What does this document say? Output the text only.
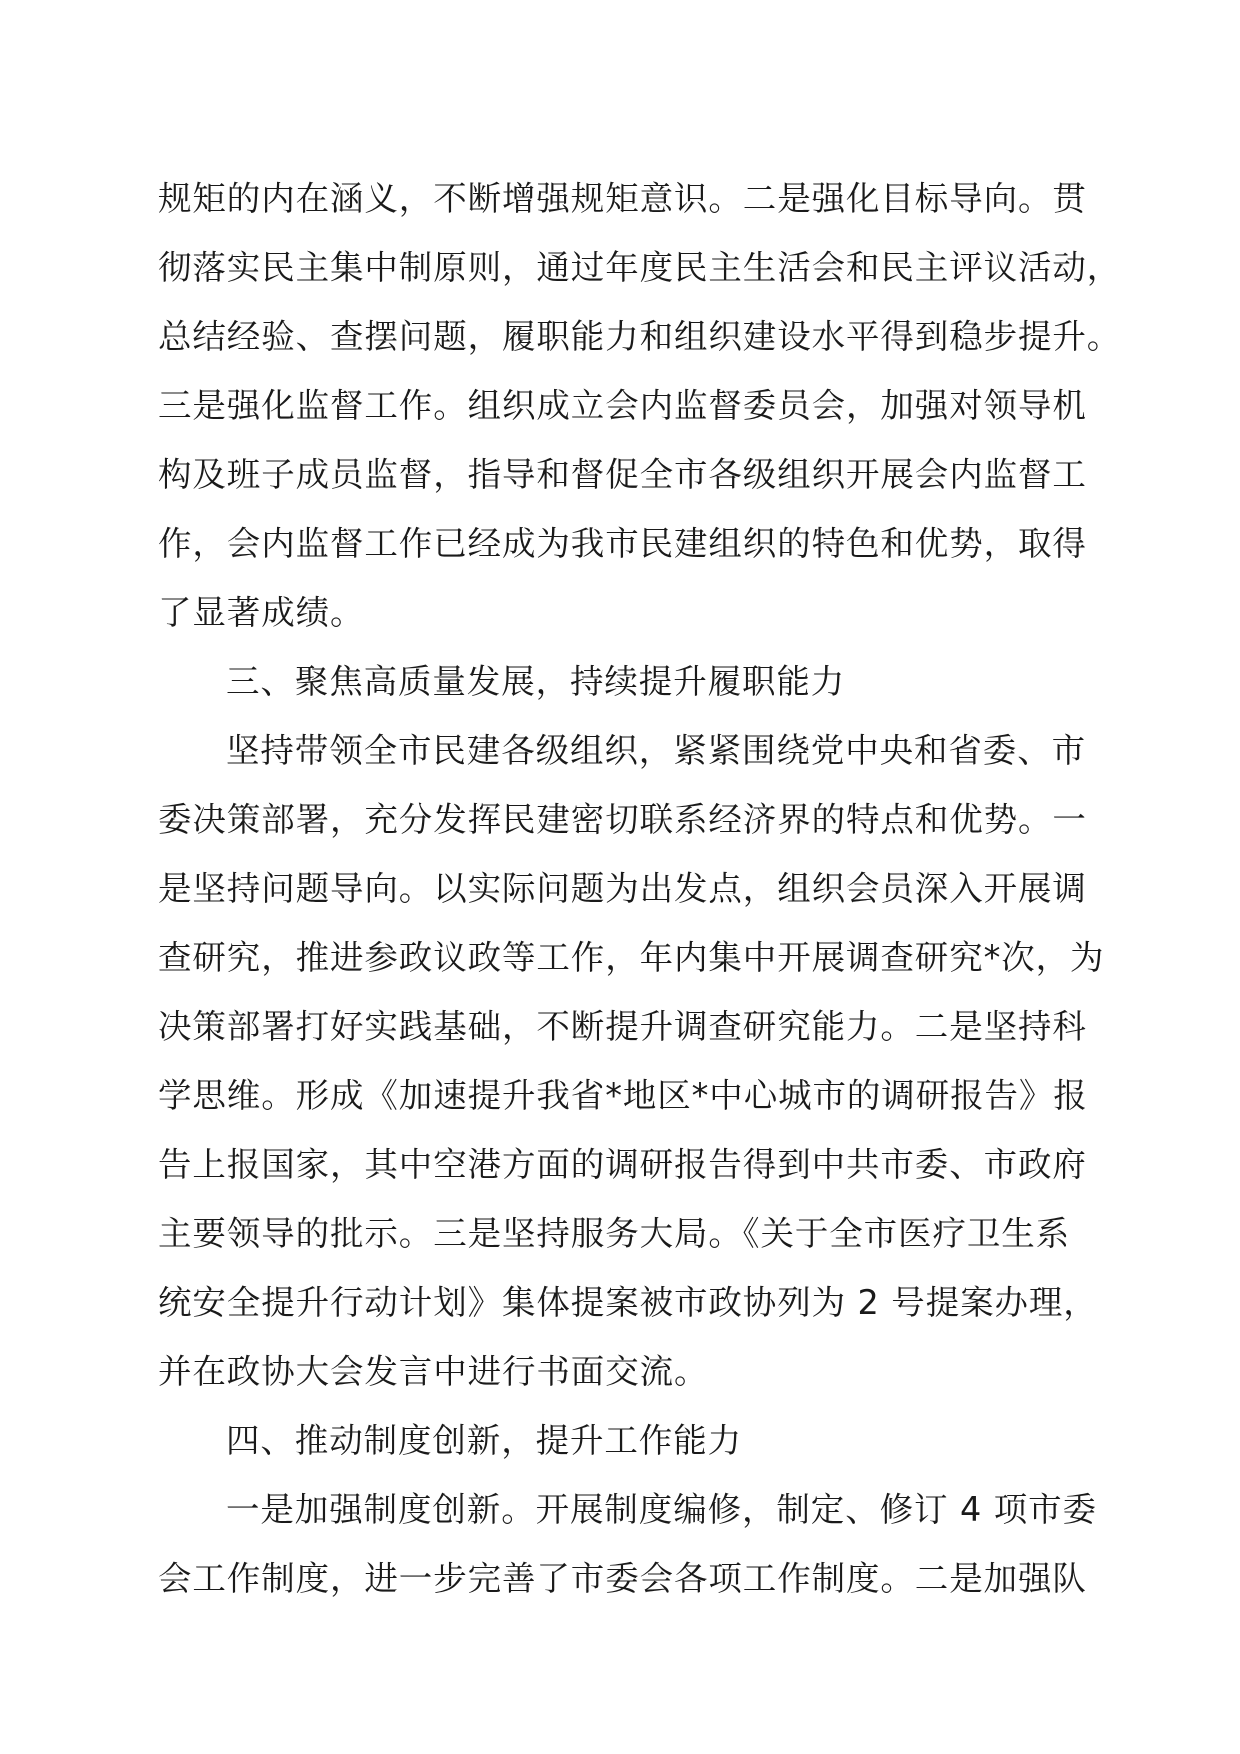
规矩的内在涵义，不断增强规矩意识。二是强化目标导向。贯
彻落实民主集中制原则，通过年度民主生活会和民主评议活动，
总结经验、查摆问题，履职能力和组织建设水平得到稳步提升。
三是强化监督工作。组织成立会内监督委员会，加强对领导机
构及班子成员监督，指导和督促全市各级组织开展会内监督工
作，会内监督工作已经成为我市民建组织的特色和优势，取得
了显著成绩。
三、聚焦高质量发展，持续提升履职能力
坚持带领全市民建各级组织，紧紧围绕党中央和省委、市
委决策部署，充分发挥民建密切联系经济界的特点和优势。一
是坚持问题导向。以实际问题为出发点，组织会员深入开展调
查研究，推进参政议政等工作，年内集中开展调查研究*次，为
决策部署打好实践基础，不断提升调查研究能力。二是坚持科
学思维。形成《加速提升我省*地区*中心城市的调研报告》报
告上报国家，其中空港方面的调研报告得到中共市委、市政府
主要领导的批示。三是坚持服务大局。《关于全市医疗卫生系
统安全提升行动计划》集体提案被市政协列为 2 号提案办理，
并在政协大会发言中进行书面交流。
四、推动制度创新，提升工作能力
一是加强制度创新。开展制度编修，制定、修订 4 项市委
会工作制度，进一步完善了市委会各项工作制度。二是加强队
